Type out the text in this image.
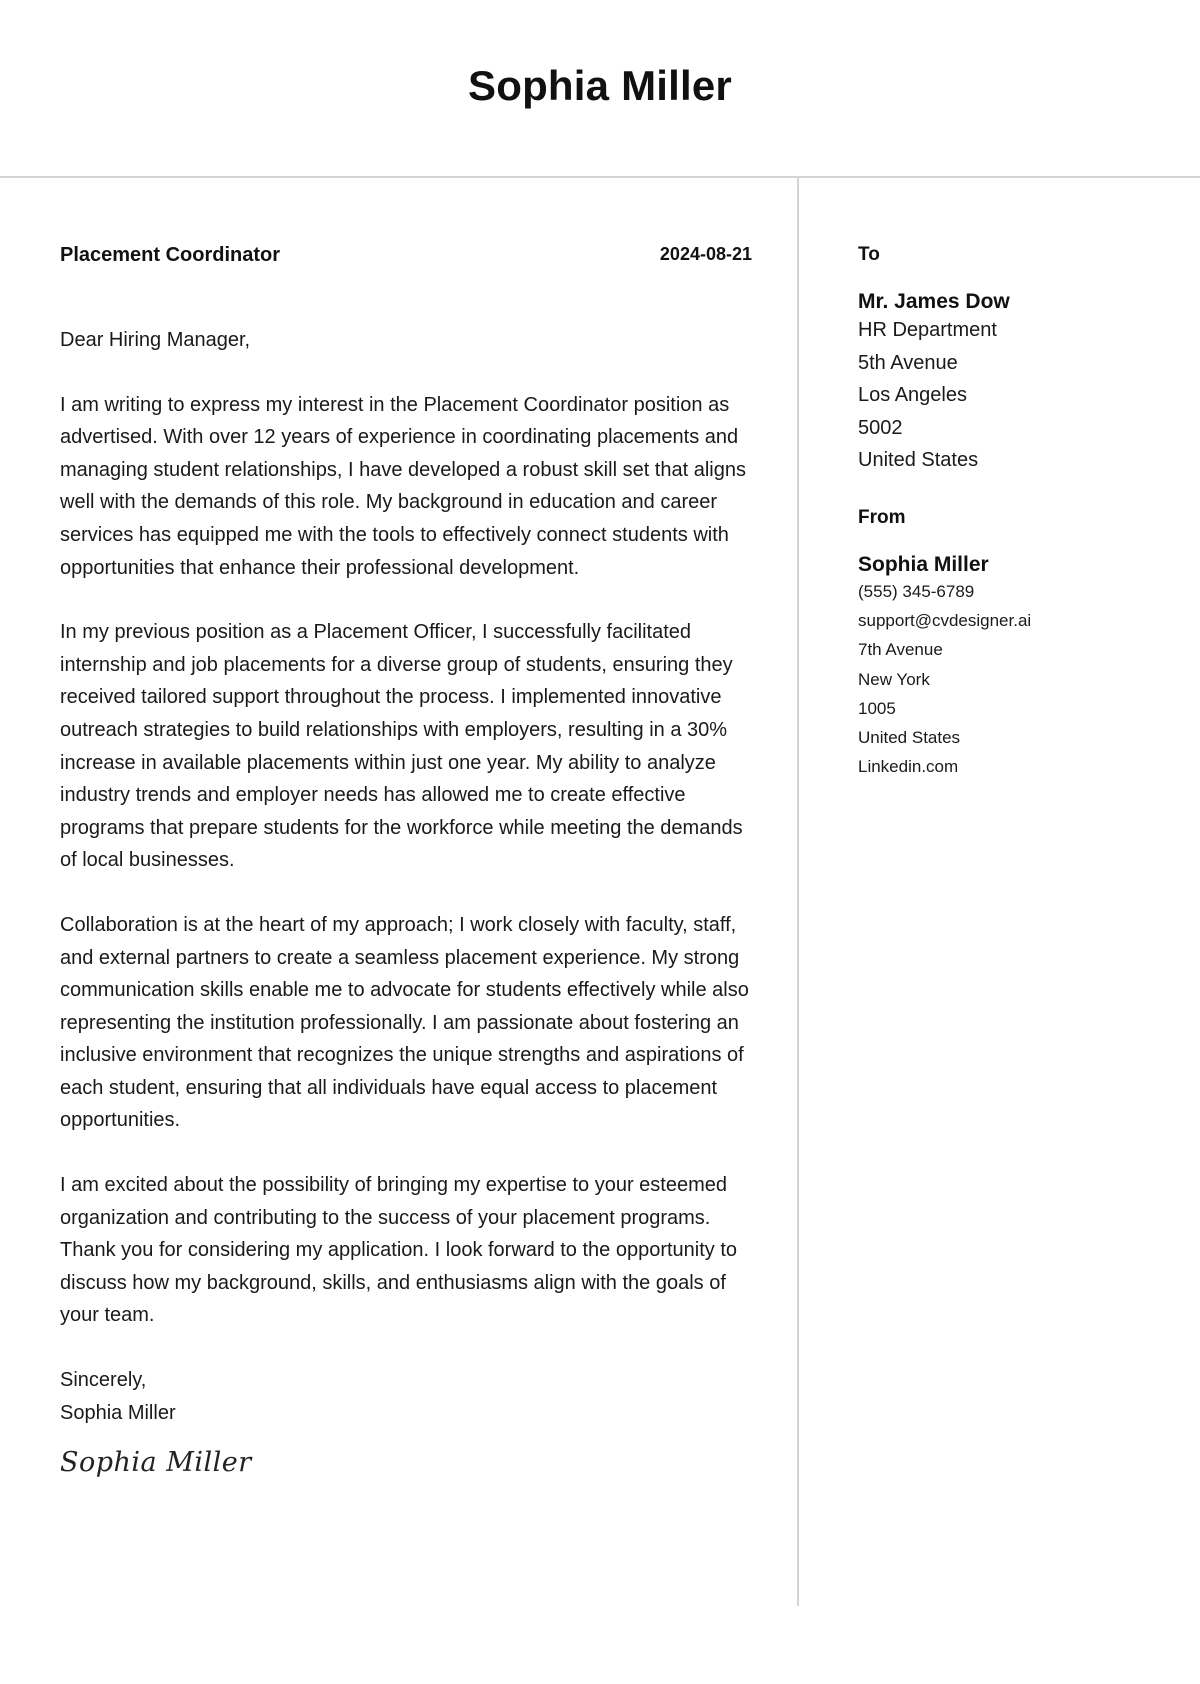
Sophia Miller
Placement Coordinator	2024-08-21
Dear Hiring Manager,

I am writing to express my interest in the Placement Coordinator position as advertised. With over 12 years of experience in coordinating placements and managing student relationships, I have developed a robust skill set that aligns well with the demands of this role. My background in education and career services has equipped me with the tools to effectively connect students with opportunities that enhance their professional development.

In my previous position as a Placement Officer, I successfully facilitated internship and job placements for a diverse group of students, ensuring they received tailored support throughout the process. I implemented innovative outreach strategies to build relationships with employers, resulting in a 30% increase in available placements within just one year. My ability to analyze industry trends and employer needs has allowed me to create effective programs that prepare students for the workforce while meeting the demands of local businesses.

Collaboration is at the heart of my approach; I work closely with faculty, staff, and external partners to create a seamless placement experience. My strong communication skills enable me to advocate for students effectively while also representing the institution professionally. I am passionate about fostering an inclusive environment that recognizes the unique strengths and aspirations of each student, ensuring that all individuals have equal access to placement opportunities.

I am excited about the possibility of bringing my expertise to your esteemed organization and contributing to the success of your placement programs. Thank you for considering my application. I look forward to the opportunity to discuss how my background, skills, and enthusiasms align with the goals of your team.

Sincerely,
Sophia Miller
Sophia Miller
To
Mr. James Dow
HR Department
5th Avenue
Los Angeles
5002
United States
From
Sophia Miller
(555) 345-6789
support@cvdesigner.ai
7th Avenue
New York
1005
United States
Linkedin.com
